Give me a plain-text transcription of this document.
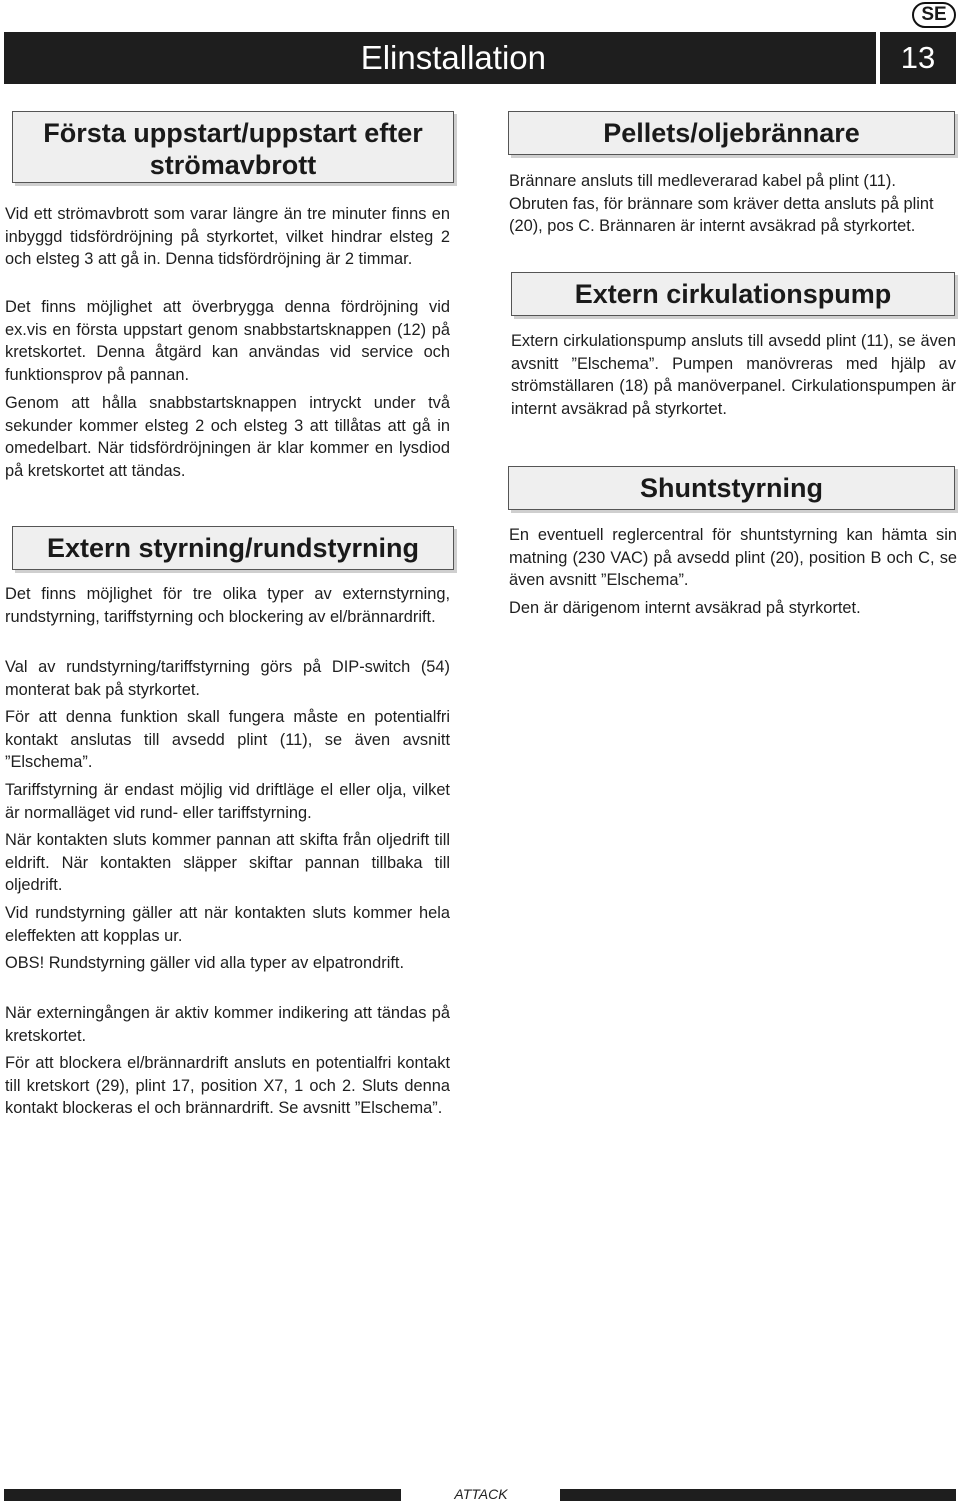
SE
Elinstallation	13
Första uppstart/uppstart efter strömavbrott

Vid ett strömavbrott som varar längre än tre minuter finns en inbyggd tidsfördröjning på styrkortet, vilket hindrar elsteg 2 och elsteg 3 att gå in. Denna tidsfördröjning är 2 timmar.

Det finns möjlighet att överbrygga denna fördröjning vid ex.vis en första uppstart genom snabbstartsknappen (12) på kretskortet. Denna åtgärd kan användas vid service och funktionsprov på pannan.

Genom att hålla snabbstartsknappen intryckt under två sekunder kommer elsteg 2 och elsteg 3 att tillåtas att gå in omedelbart. När tidsfördröjningen är klar kommer en lysdiod på kretskortet att tändas.

Extern styrning/rundstyrning

Det finns möjlighet för tre olika typer av externstyrning, rundstyrning, tariffstyrning och blockering av el/brännardrift.

Val av rundstyrning/tariffstyrning görs på DIP-switch (54) monterat bak på styrkortet.

För att denna funktion skall fungera måste en potentialfri kontakt anslutas till avsedd plint (11), se även avsnitt ”Elschema”.

Tariffstyrning är endast möjlig vid driftläge el eller olja, vilket är normalläget vid rund- eller tariffstyrning.

När kontakten sluts kommer pannan att skifta från oljedrift till eldrift. När kontakten släpper skiftar pannan tillbaka till oljedrift.

Vid rundstyrning gäller att när kontakten sluts kommer hela eleffekten att kopplas ur.

OBS! Rundstyrning gäller vid alla typer av elpatrondrift.

När externingången är aktiv kommer indikering att tändas på kretskortet.

För att blockera el/brännardrift ansluts en potentialfri kontakt till kretskort (29), plint 17, position X7, 1 och 2. Sluts denna kontakt blockeras el och brännardrift. Se avsnitt ”Elschema”.

Pellets/oljebrännare

Brännare ansluts till medleverarad kabel på plint (11). Obruten fas, för brännare som kräver detta ansluts på plint (20), pos C. Brännaren är internt avsäkrad på styrkortet.

Extern cirkulationspump

Extern cirkulationspump ansluts till avsedd plint (11), se även avsnitt ”Elschema”. Pumpen manövreras med hjälp av strömställaren (18) på manöverpanel. Cirkulationspumpen är internt avsäkrad på styrkortet.

Shuntstyrning

En eventuell reglercentral för shuntstyrning kan hämta sin matning (230 VAC) på avsedd plint (20), position B och C, se även avsnitt ”Elschema”.

Den är därigenom internt avsäkrad på styrkortet.

ATTACK
